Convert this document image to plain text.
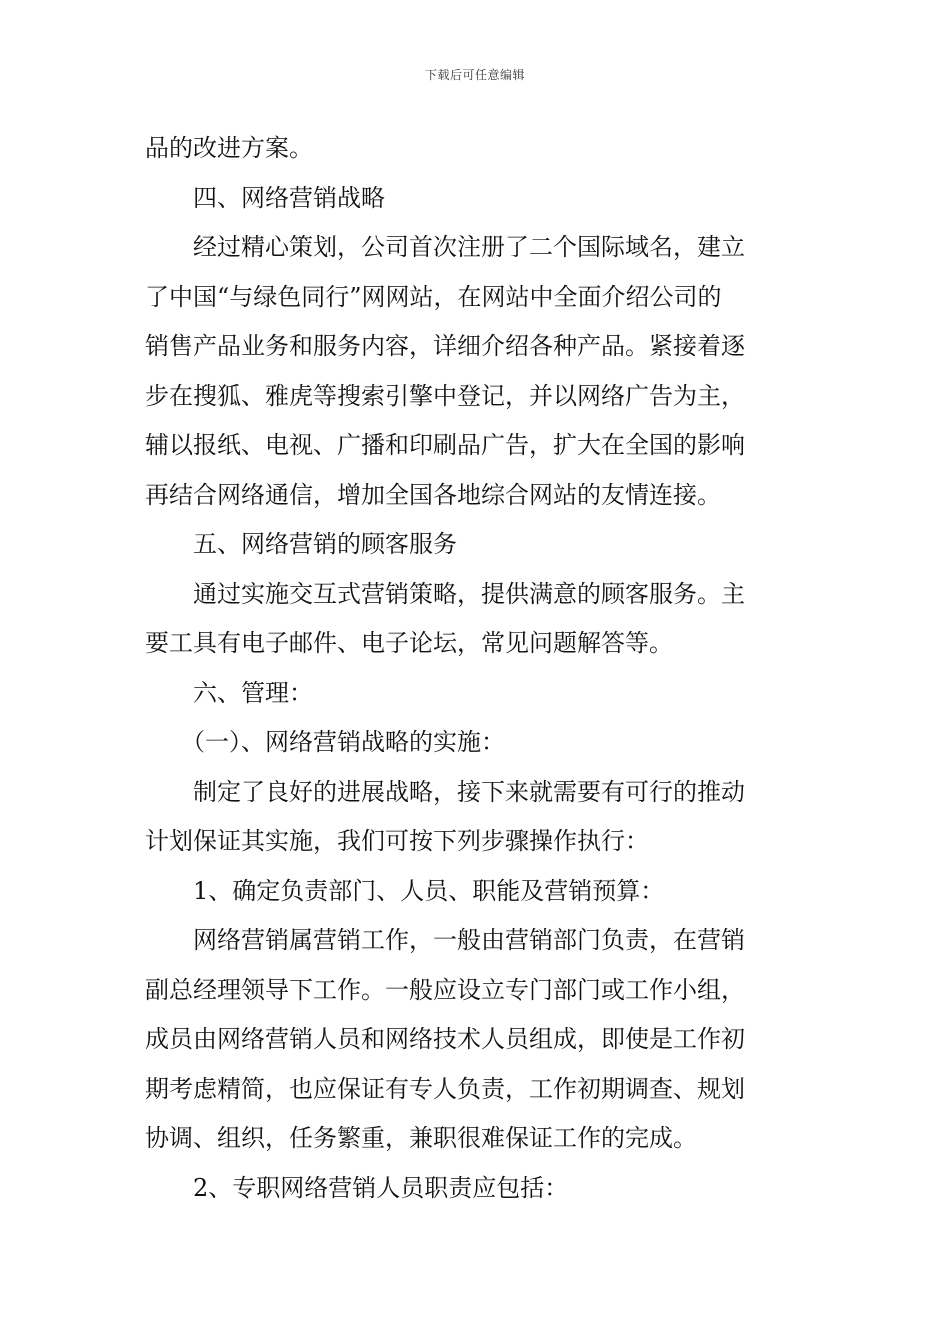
下载后可任意编辑
品的改进方案。
四、网络营销战略
经过精心策划，公司首次注册了二个国际域名，建立
了中国“与绿色同行”网网站，在网站中全面介绍公司的
销售产品业务和服务内容，详细介绍各种产品。紧接着逐
步在搜狐、雅虎等搜索引擎中登记，并以网络广告为主，
辅以报纸、电视、广播和印刷品广告，扩大在全国的影响
再结合网络通信，增加全国各地综合网站的友情连接。
五、网络营销的顾客服务
通过实施交互式营销策略，提供满意的顾客服务。主
要工具有电子邮件、电子论坛，常见问题解答等。
六、管理：
（一）、网络营销战略的实施：
制定了良好的进展战略，接下来就需要有可行的推动
计划保证其实施，我们可按下列步骤操作执行：
1、确定负责部门、人员、职能及营销预算：
网络营销属营销工作，一般由营销部门负责，在营销
副总经理领导下工作。一般应设立专门部门或工作小组，
成员由网络营销人员和网络技术人员组成，即使是工作初
期考虑精简，也应保证有专人负责，工作初期调查、规划
协调、组织，任务繁重，兼职很难保证工作的完成。
2、专职网络营销人员职责应包括：
